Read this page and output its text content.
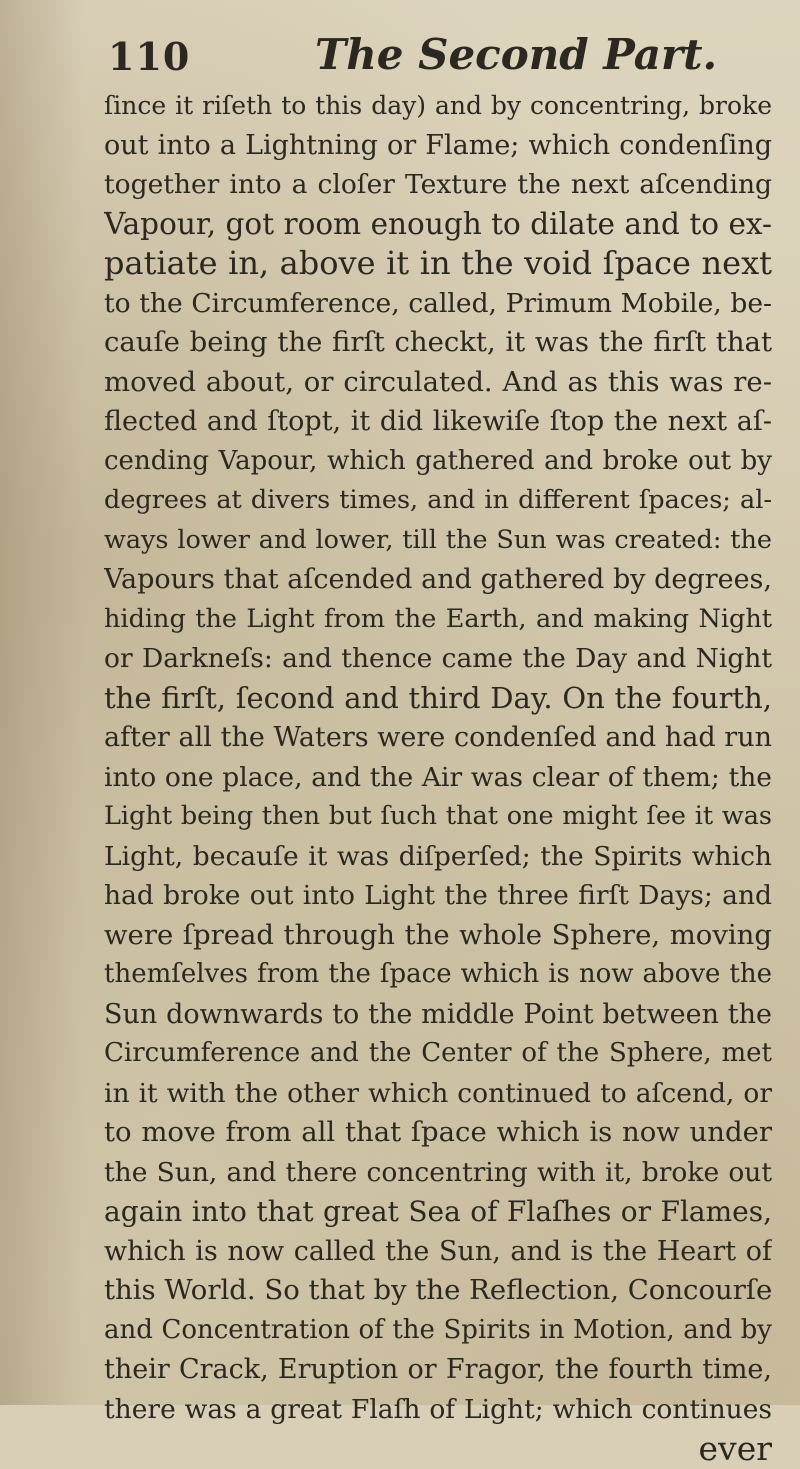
110	The Second Part.
ſince it riſeth to this day) and by concentring, broke
out into a Lightning or Flame; which condenſing
together into a cloſer Texture the next aſcending
Vapour, got room enough to dilate and to ex-
patiate in, above it in the void ſpace next
to the Circumference, called, Primum Mobile, be-
cauſe being the firſt checkt, it was the firſt that
moved about, or circulated. And as this was re-
flected and ſtopt, it did likewiſe ſtop the next aſ-
cending Vapour, which gathered and broke out by
degrees at divers times, and in different ſpaces; al-
ways lower and lower, till the Sun was created: the
Vapours that aſcended and gathered by degrees,
hiding the Light from the Earth, and making Night
or Darkneſs: and thence came the Day and Night
the firſt, ſecond and third Day. On the fourth,
after all the Waters were condenſed and had run
into one place, and the Air was clear of them; the
Light being then but ſuch that one might ſee it was
Light, becauſe it was diſperſed; the Spirits which
had broke out into Light the three firſt Days; and
were ſpread through the whole Sphere, moving
themſelves from the ſpace which is now above the
Sun downwards to the middle Point between the
Circumference and the Center of the Sphere, met
in it with the other which continued to aſcend, or
to move from all that ſpace which is now under
the Sun, and there concentring with it, broke out
again into that great Sea of Flaſhes or Flames,
which is now called the Sun, and is the Heart of
this World. So that by the Reflection, Concourſe
and Concentration of the Spirits in Motion, and by
their Crack, Eruption or Fragor, the fourth time,
there was a great Flaſh of Light; which continues
ever
